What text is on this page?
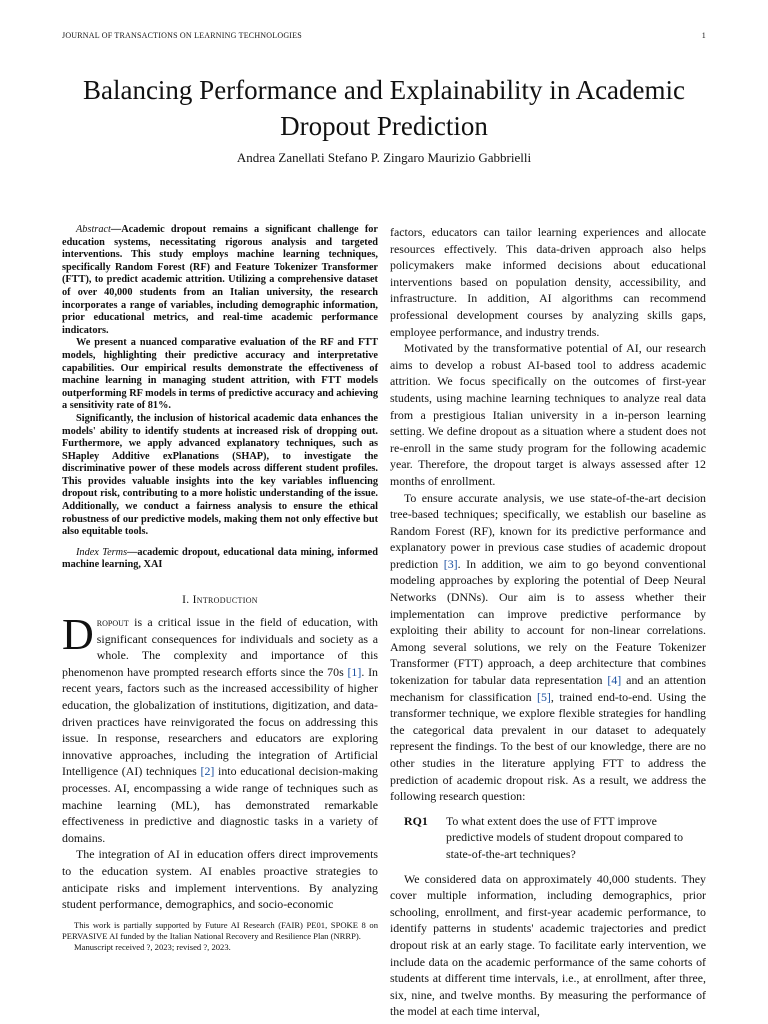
JOURNAL OF TRANSACTIONS ON LEARNING TECHNOLOGIES	1
Balancing Performance and Explainability in Academic Dropout Prediction
Andrea Zanellati Stefano P. Zingaro Maurizio Gabbrielli

Abstract—Academic dropout remains a significant challenge for education systems, necessitating rigorous analysis and targeted interventions. This study employs machine learning techniques, specifically Random Forest (RF) and Feature Tokenizer Transformer (FTT), to predict academic attrition. Utilizing a comprehensive dataset of over 40,000 students from an Italian university, the research incorporates a range of variables, including demographic information, prior educational metrics, and real-time academic performance indicators.

We present a nuanced comparative evaluation of the RF and FTT models, highlighting their predictive accuracy and interpretative capabilities. Our empirical results demonstrate the effectiveness of machine learning in managing student attrition, with FTT models outperforming RF models in terms of predictive accuracy and achieving a sensitivity rate of 81%.

Significantly, the inclusion of historical academic data enhances the models' ability to identify students at increased risk of dropping out. Furthermore, we apply advanced explanatory techniques, such as SHapley Additive exPlanations (SHAP), to investigate the discriminative power of these models across different student profiles. This provides valuable insights into the key variables influencing dropout risk, contributing to a more holistic understanding of the issue. Additionally, we conduct a fairness analysis to ensure the ethical robustness of our predictive models, making them not only effective but also equitable tools.

Index Terms—academic dropout, educational data mining, informed machine learning, XAI

I. Introduction

Dropout is a critical issue in the field of education, with significant consequences for individuals and society as a whole. The complexity and importance of this phenomenon have prompted research efforts since the 70s [1]. In recent years, factors such as the increased accessibility of higher education, the globalization of institutions, digitization, and data-driven practices have reinvigorated the focus on addressing this issue. In response, researchers and educators are exploring innovative approaches, including the integration of Artificial Intelligence (AI) techniques [2] into educational decision-making processes. AI, encompassing a wide range of techniques such as machine learning (ML), has demonstrated remarkable effectiveness in predictive and diagnostic tasks in a variety of domains.

The integration of AI in education offers direct improvements to the education system. AI enables proactive strategies to anticipate risks and implement interventions. By analyzing student performance, demographics, and socio-economic

This work is partially supported by Future AI Research (FAIR) PE01, SPOKE 8 on PERVASIVE AI funded by the Italian National Recovery and Resilience Plan (NRRP).

Manuscript received ?, 2023; revised ?, 2023.

factors, educators can tailor learning experiences and allocate resources effectively. This data-driven approach also helps policymakers make informed decisions about educational interventions based on population density, accessibility, and infrastructure. In addition, AI algorithms can recommend professional development courses by analyzing skills gaps, employee performance, and industry trends.

Motivated by the transformative potential of AI, our research aims to develop a robust AI-based tool to address academic attrition. We focus specifically on the outcomes of first-year students, using machine learning techniques to analyze real data from a prestigious Italian university in a in-person learning setting. We define dropout as a situation where a student does not re-enroll in the same study program for the following academic year. Therefore, the dropout target is always assessed after 12 months of enrollment.

To ensure accurate analysis, we use state-of-the-art decision tree-based techniques; specifically, we establish our baseline as Random Forest (RF), known for its predictive performance and explanatory power in previous case studies of academic dropout prediction [3]. In addition, we aim to go beyond conventional modeling approaches by exploring the potential of Deep Neural Networks (DNNs). Our aim is to assess whether their implementation can improve predictive performance by exploiting their ability to account for non-linear correlations. Among several solutions, we rely on the Feature Tokenizer Transformer (FTT) approach, a deep architecture that combines tokenization for tabular data representation [4] and an attention mechanism for classification [5], trained end-to-end. Using the transformer technique, we explore flexible strategies for handling the categorical data prevalent in our dataset to adequately represent the findings. To the best of our knowledge, there are no other studies in the literature applying FTT to address the prediction of academic dropout risk. As a result, we address the following research question:

RQ1	To what extent does the use of FTT improve predictive models of student dropout compared to state-of-the-art techniques?

We considered data on approximately 40,000 students. They cover multiple information, including demographics, prior schooling, enrollment, and first-year academic performance, to identify patterns in students' academic trajectories and predict dropout risk at an early stage. To facilitate early intervention, we include data on the academic performance of the same cohorts of students at different time intervals, i.e., at enrollment, after three, six, nine, and twelve months. By measuring the performance of the model at each time interval,
